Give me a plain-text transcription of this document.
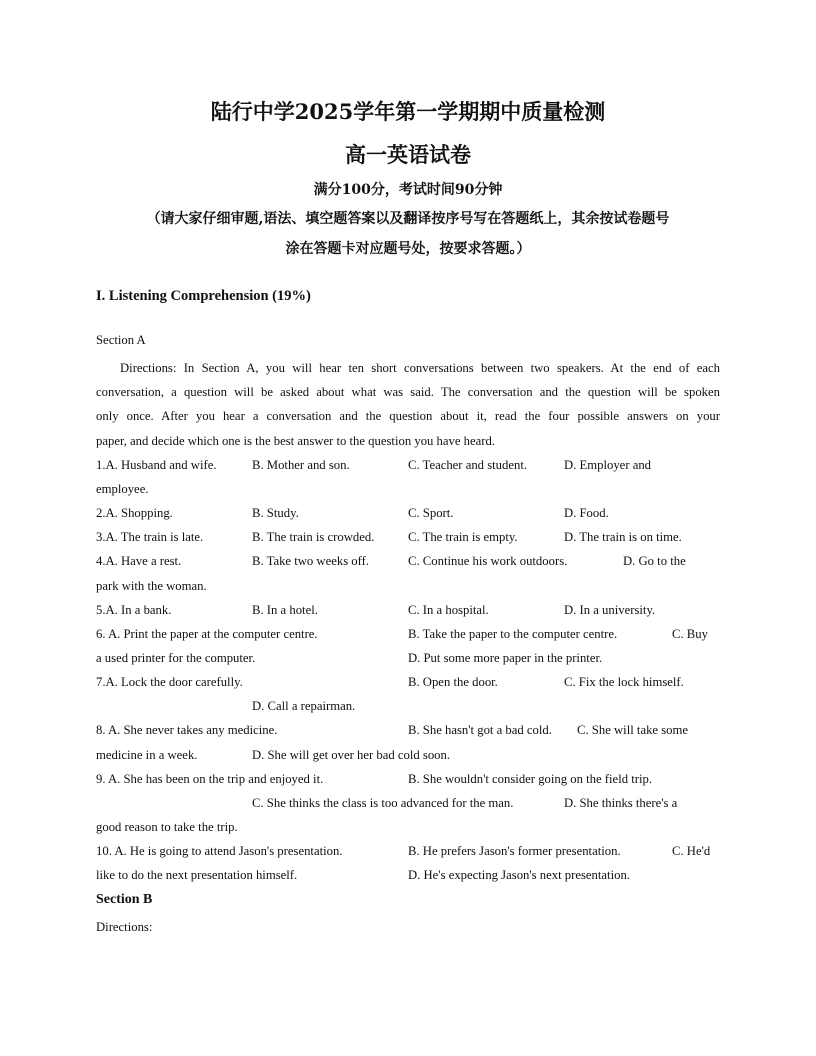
陆行中学2025学年第一学期期中质量检测
高一英语试卷
满分100分，考试时间90分钟
（请大家仔细审题,语法、填空题答案以及翻译按序号写在答题纸上，其余按试卷题号
涂在答题卡对应题号处，按要求答题。）
I. Listening Comprehension (19%)
Section A
Directions: In Section A, you will hear ten short conversations between two speakers. At the end of each
conversation, a question will be asked about what was said. The conversation and the question will be spoken
only once. After you hear a conversation and the question about it, read the four possible answers on your
paper, and decide which one is the best answer to the question you have heard.
1.A. Husband and wife.	B. Mother and son.	C. Teacher and student.	D. Employer and
employee.
2.A. Shopping.	B. Study.	C. Sport.	D. Food.
3.A. The train is late.	B. The train is crowded.	C. The train is empty.	D. The train is on time.
4.A. Have a rest.	B. Take two weeks off.	C. Continue his work outdoors.	D. Go to the
park with the woman.
5.A. In a bank.	B. In a hotel.	C. In a hospital.	D. In a university.
6. A. Print the paper at the computer centre.	B. Take the paper to the computer centre.	C. Buy
a used printer for the computer.	D. Put some more paper in the printer.
7.A. Lock the door carefully.	B. Open the door.	C. Fix the lock himself.
D. Call a repairman.
8. A. She never takes any medicine.	B. She hasn't got a bad cold. C. She will take some
medicine in a week.	D. She will get over her bad cold soon.
9. A. She has been on the trip and enjoyed it.	B. She wouldn't consider going on the field trip.
C. She thinks the class is too advanced for the man.	D. She thinks there's a
good reason to take the trip.
10. A. He is going to attend Jason's presentation.	B. He prefers Jason's former presentation.	C. He'd
like to do the next presentation himself.	D. He's expecting Jason's next presentation.
Section B
Directions:
